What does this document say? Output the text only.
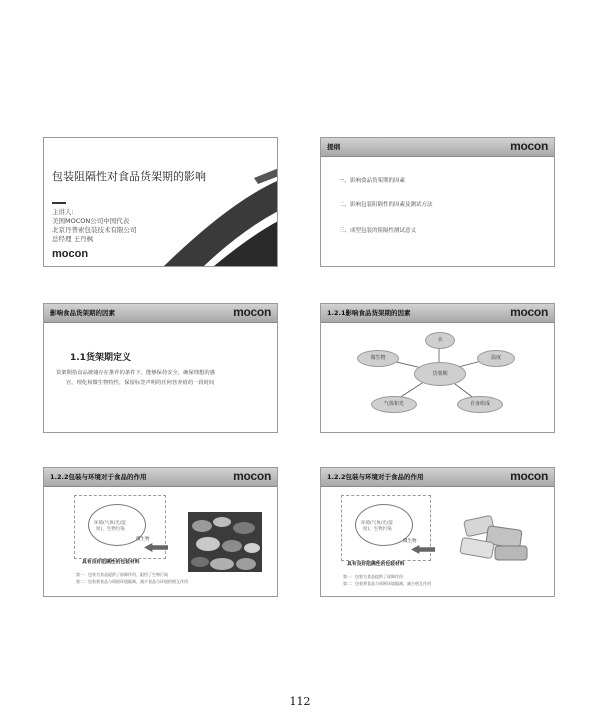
包装阻隔性对食品货架期的影响
主讲人:
美国MOCON公司中国代表
北京丹普索包装技术有限公司
总经理 王丹枫
mocon
提纲	mocon
一、影响食品货架期的因素
二、影响包装阻隔性的因素及测试方法
三、成型包装的阻隔性测试意义
影响食品货架期的因素	mocon
1.1货架期定义
货架期指食品被储存在推荐的条件下，能够保持安全，确保理想的感
官、理化和微生物特性，保留标签声明的任何营养值的一段时间
1.2.1影响食品货架期的因素	mocon
货架期
水
微生物	温度
气体和光	自身组成
1.2.2包装与环境对于食品的作用	mocon
环境(气体/光/湿
度)、生物污染
微生物
具有良好阻隔性的包装材料
第一：包装为食品提供了屏障作用，阻挡了生物污染
第二：包装将食品与周围环境隔离，减少食品与环境的相互作用
1.2.2包装与环境对于食品的作用	mocon
环境(气体/光/湿
度)、生物污染
微生物
具有良好阻隔性的包装材料
第一：包装为食品提供了屏障作用
第二：包装将食品与周围环境隔离，减少相互作用
112
